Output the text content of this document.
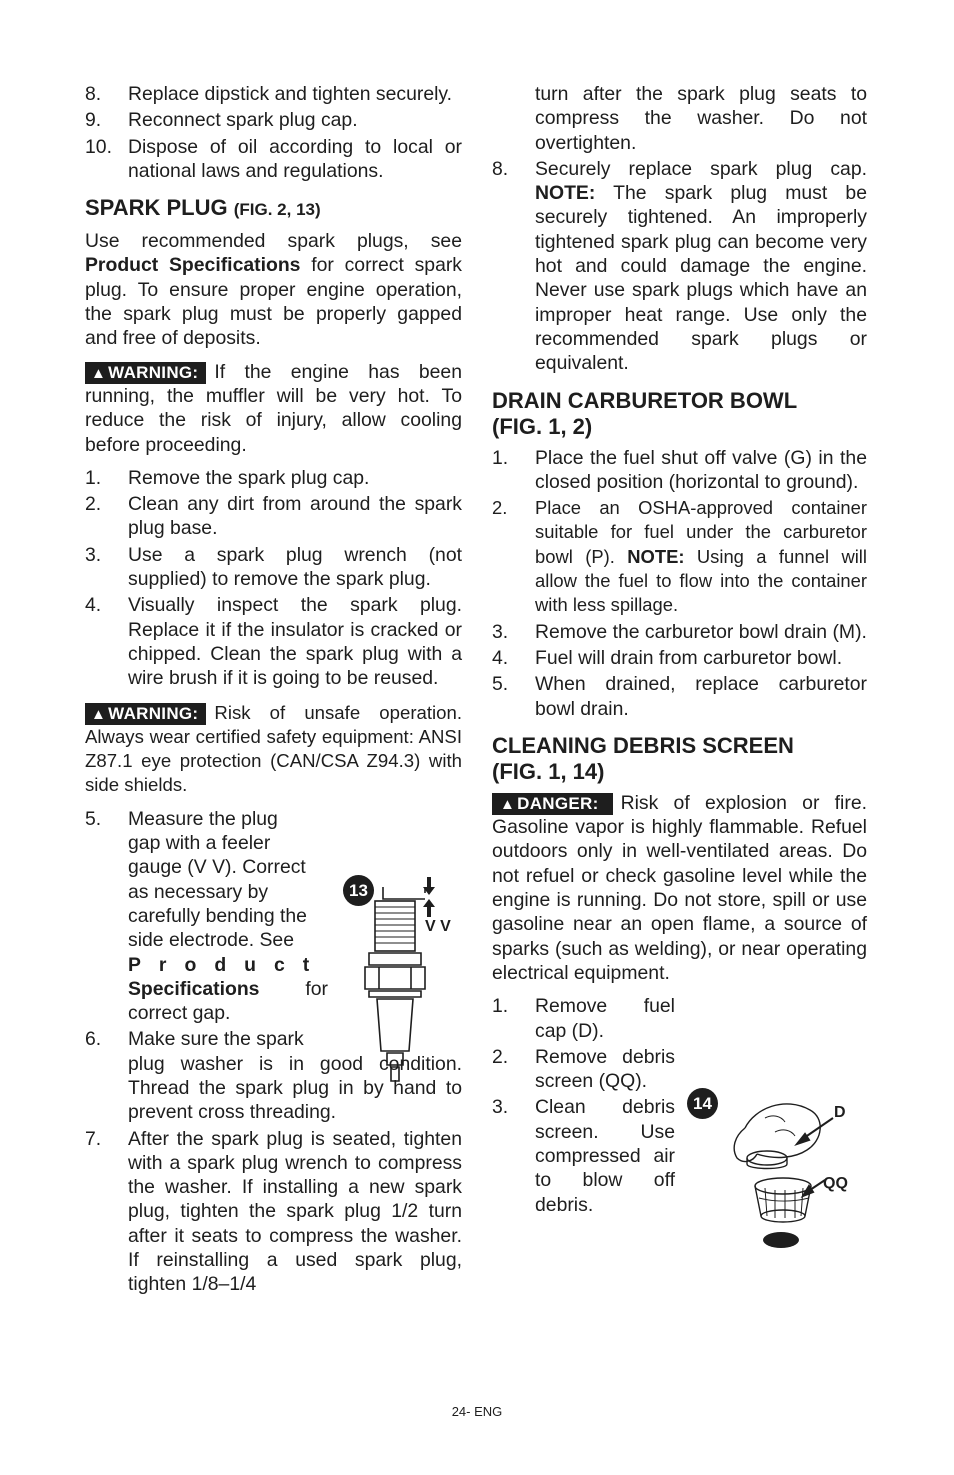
8. Replace dipstick and tighten securely.
9. Reconnect spark plug cap.
10. Dispose of oil according to local or national laws and regulations.
SPARK PLUG (FIG. 2, 13)

Use recommended spark plugs, see Product Specifications for correct spark plug. To ensure proper engine operation, the spark plug must be properly gapped and free of deposits.

▲ WARNING: If the engine has been running, the muffler will be very hot. To reduce the risk of injury, allow cooling before proceeding.

1. Remove the spark plug cap.
2. Clean any dirt from around the spark plug base.
3. Use a spark plug wrench (not supplied) to remove the spark plug.
4. Visually inspect the spark plug. Replace it if the insulator is cracked or chipped. Clean the spark plug with a wire brush if it is going to be reused.

▲ WARNING: Risk of unsafe operation. Always wear certified safety equipment: ANSI Z87.1 eye protection (CAN/CSA Z94.3) with side shields.

5. Measure the plug
gap with a feeler
gauge (V V). Correct
as necessary by
carefully bending the
side electrode. See
Product
Specifications for
correct gap.
6. Make sure the spark
plug washer is in good condition. Thread the spark plug in by hand to prevent cross threading.
7. After the spark plug is seated, tighten with a spark plug wrench to compress the washer. If installing a new spark plug, tighten the spark plug 1/2 turn after it seats to compress the washer. If reinstalling a used spark plug, tighten 1/8–1/4
13
V V
turn after the spark plug seats to compress the washer. Do not overtighten.
8. Securely replace spark plug cap. NOTE: The spark plug must be securely tightened. An improperly tightened spark plug can become very hot and could damage the engine. Never use spark plugs which have an improper heat range. Use only the recommended spark plugs or equivalent.
DRAIN CARBURETOR BOWL
(FIG. 1, 2)
1. Place the fuel shut off valve (G) in the closed position (horizontal to ground).
2. Place an OSHA-approved container suitable for fuel under the carburetor bowl (P). NOTE: Using a funnel will allow the fuel to flow into the container with less spillage.
3. Remove the carburetor bowl drain (M).
4. Fuel will drain from carburetor bowl.
5. When drained, replace carburetor bowl drain.
CLEANING DEBRIS SCREEN
(FIG. 1, 14)

▲ DANGER: Risk of explosion or fire. Gasoline vapor is highly flammable. Refuel outdoors only in well-ventilated areas. Do not refuel or check gasoline level while the engine is running. Do not store, spill or use gasoline near an open flame, a source of sparks (such as welding), or near operating electrical equipment.

1. Remove fuel cap (D).
2. Remove debris screen (QQ).
3. Clean debris screen. Use compressed air to blow off debris.
14	D
QQ
24- ENG
